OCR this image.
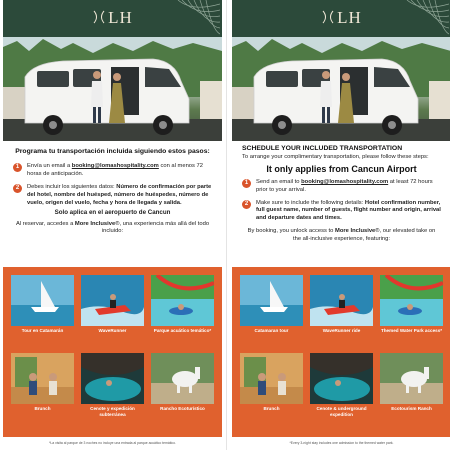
LH
Programa tu transportación incluida siguiendo estos pasos:
1	Envía un email a booking@lomashospitality.com con al menos 72 horas de anticipación.
2	Debes incluir los siguientes datos: Número de confirmación por parte del hotel, nombre del huésped, número de huéspedes, número de vuelo, origen del vuelo, fecha y hora de llegada y salida.
Solo aplica en el aeropuerto de Cancun
Al reservar, accedes a More Inclusive®, una experiencia más allá del todo incluido:
Tour en Catamarán	WaveRunner	Parque acuático temático*
Brunch	Cenote y expedición subterránea
Rancho Ecoturístico
*La visita al parque de 3 noches no incluye una entrada al parque acuático temático.
LH
SCHEDULE YOUR INCLUDED TRANSPORTATION
To arrange your complimentary transportation, please follow these steps:
It only applies from Cancun Airport
1	Send an email to booking@lomashospitality.com at least 72 hours prior to your arrival.
2	Make sure to include the following details: Hotel confirmation number, full guest name, number of guests, flight number and origin, arrival and departure dates and times.
By booking, you unlock access to More Inclusive®, our elevated take on the all-inclusive experience, featuring:
Catamaran tour	WaveRunner ride	Themed Water Park access*
Brunch	Cenote & underground expedition
Ecotourism Ranch
*Every 3-night stay includes one admission to the themed water park.
